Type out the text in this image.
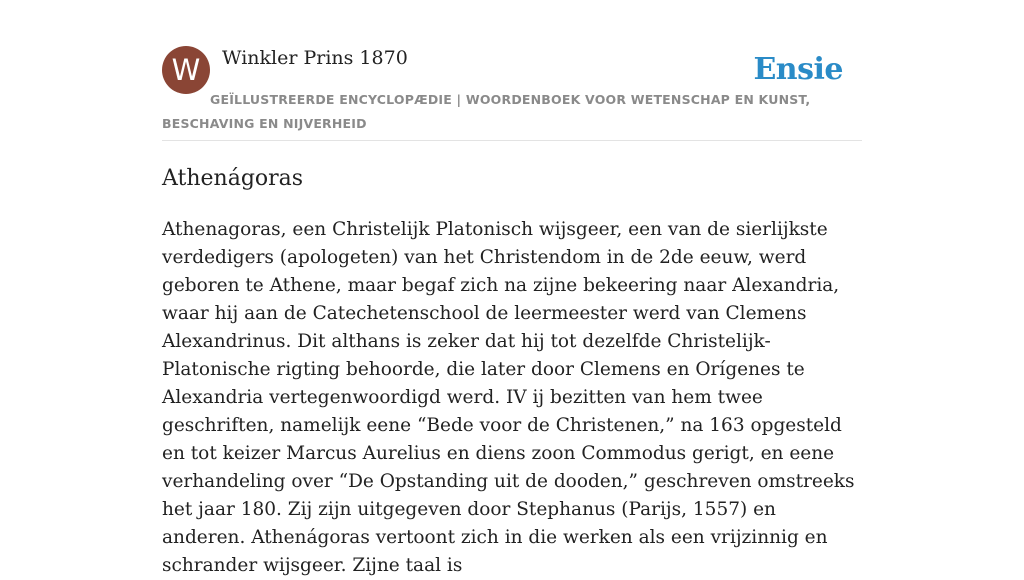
W	Winkler Prins 1870	Ensie
GEÏLLUSTREERDE ENCYCLOPÆDIE | WOORDENBOEK VOOR WETENSCHAP EN KUNST, BESCHAVING EN NIJVERHEID
Athenágoras

Athenagoras, een Christelijk Platonisch wijsgeer, een van de sierlijkste verdedigers (apologeten) van het Christendom in de 2de eeuw, werd geboren te Athene, maar begaf zich na zijne bekeering naar Alexandria, waar hij aan de Catechetenschool de leermeester werd van Clemens Alexandrinus. Dit althans is zeker dat hij tot dezelfde Christelijk-Platonische rigting behoorde, die later door Clemens en Orígenes te Alexandria vertegenwoordigd werd. IV ij bezitten van hem twee geschriften, namelijk eene “Bede voor de Christenen,” na 163 opgesteld en tot keizer Marcus Aurelius en diens zoon Commodus gerigt, en eene verhandeling over “De Opstanding uit de dooden,” geschreven omstreeks het jaar 180. Zij zijn uitgegeven door Stephanus (Parijs, 1557) en anderen. Athenágoras vertoont zich in die werken als een vrijzinnig en schrander wijsgeer. Zijne taal is
